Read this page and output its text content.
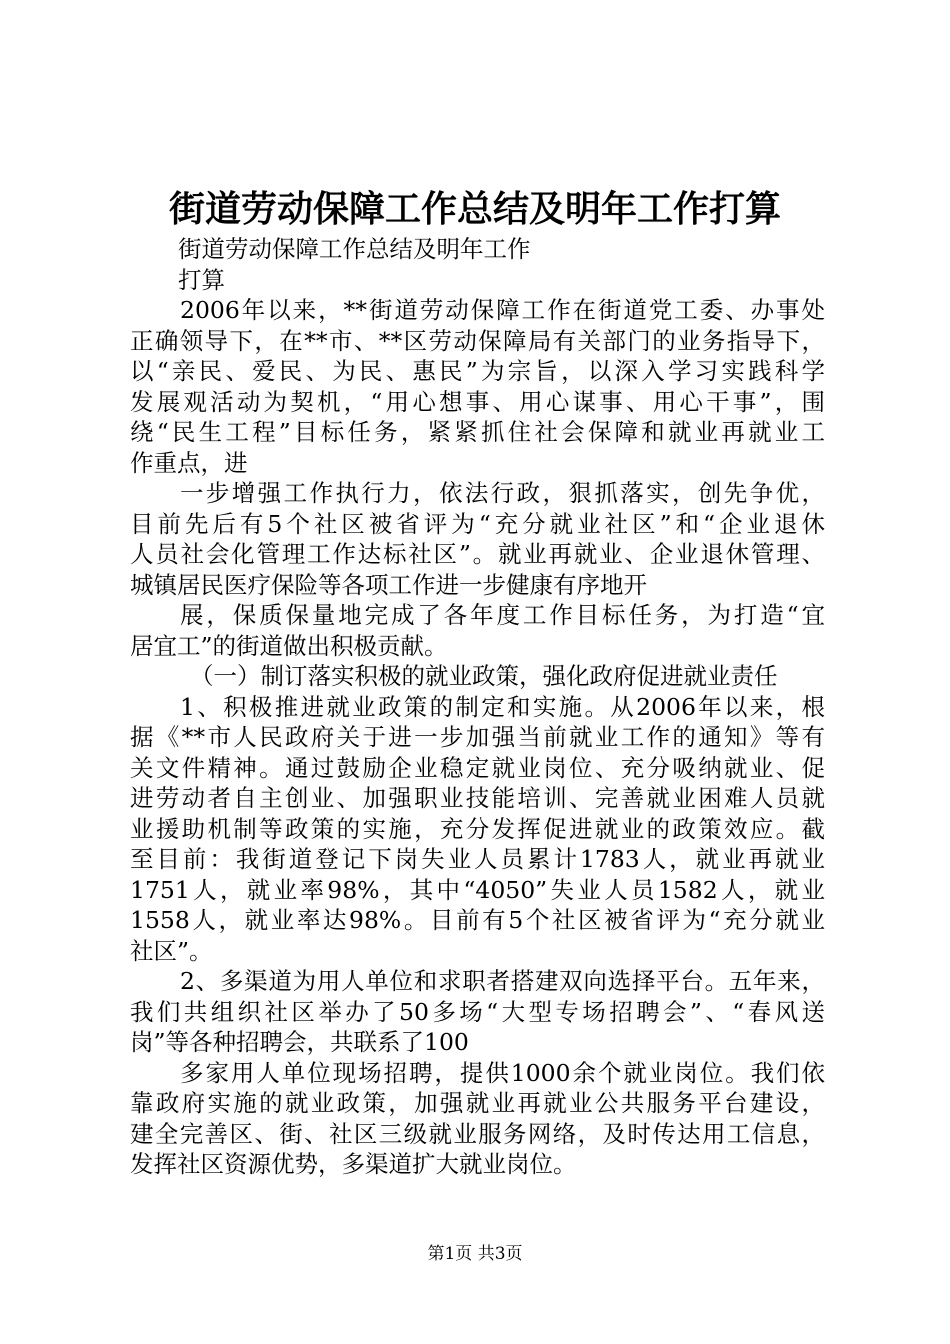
街道劳动保障工作总结及明年工作打算
街道劳动保障工作总结及明年工作
打算
2006年以来，**街道劳动保障工作在街道党工委、办事处
正确领导下，在**市、**区劳动保障局有关部门的业务指导下，
以“亲民、爱民、为民、惠民”为宗旨，以深入学习实践科学
发展观活动为契机，“用心想事、用心谋事、用心干事”，围
绕“民生工程”目标任务，紧紧抓住社会保障和就业再就业工
作重点，进
一步增强工作执行力，依法行政，狠抓落实，创先争优，
目前先后有5个社区被省评为“充分就业社区”和“企业退休
人员社会化管理工作达标社区”。就业再就业、企业退休管理、
城镇居民医疗保险等各项工作进一步健康有序地开
展，保质保量地完成了各年度工作目标任务，为打造“宜
居宜工”的街道做出积极贡献。
（一）制订落实积极的就业政策，强化政府促进就业责任
1、积极推进就业政策的制定和实施。从2006年以来，根
据《**市人民政府关于进一步加强当前就业工作的通知》等有
关文件精神。通过鼓励企业稳定就业岗位、充分吸纳就业、促
进劳动者自主创业、加强职业技能培训、完善就业困难人员就
业援助机制等政策的实施，充分发挥促进就业的政策效应。截
至目前：我街道登记下岗失业人员累计1783人，就业再就业
1751人，就业率98%，其中“4050”失业人员1582人，就业
1558人，就业率达98%。目前有5个社区被省评为“充分就业
社区”。
2、多渠道为用人单位和求职者搭建双向选择平台。五年来，
我们共组织社区举办了50多场“大型专场招聘会”、“春风送
岗”等各种招聘会，共联系了100
多家用人单位现场招聘，提供1000余个就业岗位。我们依
靠政府实施的就业政策，加强就业再就业公共服务平台建设，
建全完善区、街、社区三级就业服务网络，及时传达用工信息，
发挥社区资源优势，多渠道扩大就业岗位。
第1页 共3页
